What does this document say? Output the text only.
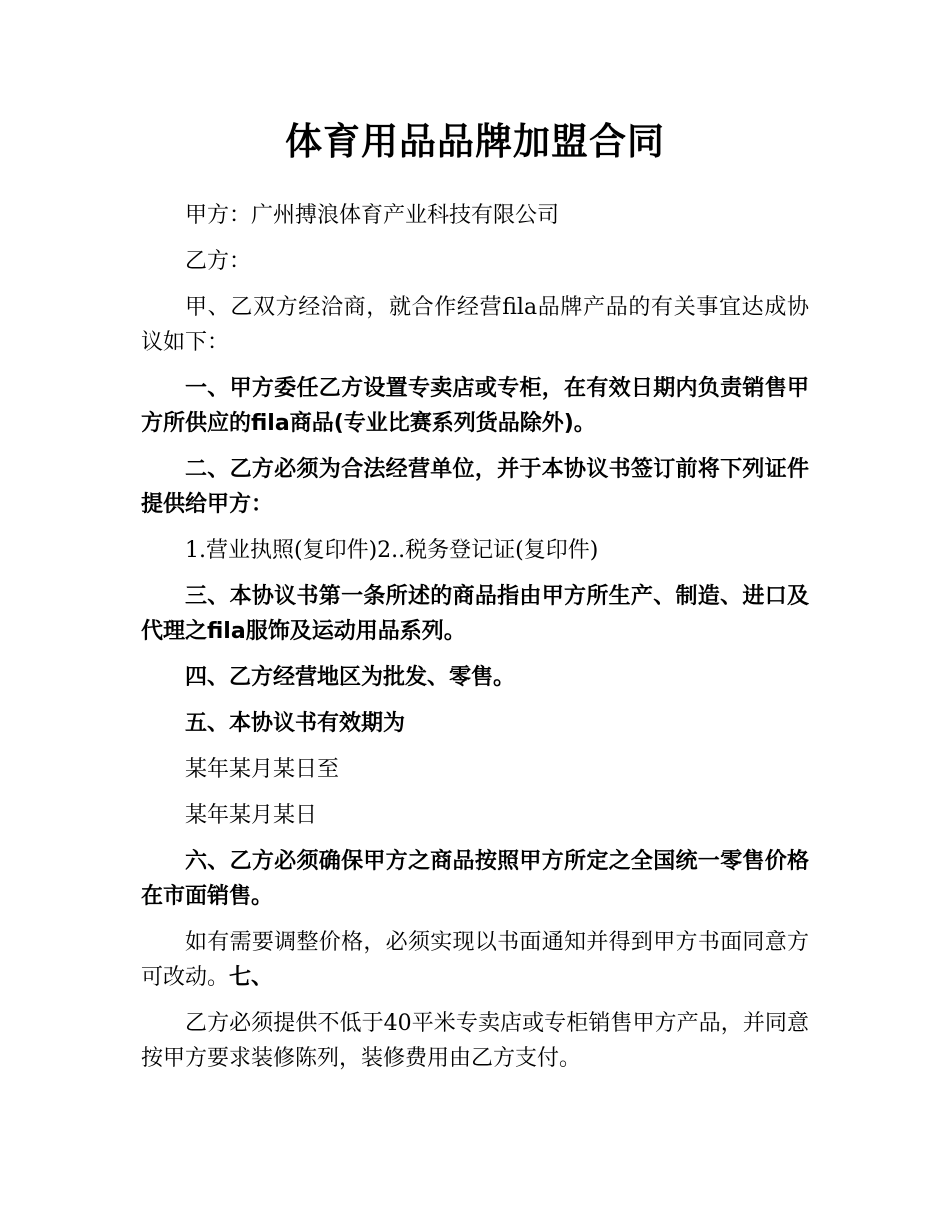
体育用品品牌加盟合同

甲方：广州搏浪体育产业科技有限公司

乙方：

甲、乙双方经洽商，就合作经营fila品牌产品的有关事宜达成协议如下：

一、甲方委任乙方设置专卖店或专柜，在有效日期内负责销售甲方所供应的fila商品(专业比赛系列货品除外)。

二、乙方必须为合法经营单位，并于本协议书签订前将下列证件提供给甲方：

1.营业执照(复印件)2..税务登记证(复印件)

三、本协议书第一条所述的商品指由甲方所生产、制造、进口及代理之fila服饰及运动用品系列。

四、乙方经营地区为批发、零售。

五、本协议书有效期为

某年某月某日至

某年某月某日

六、乙方必须确保甲方之商品按照甲方所定之全国统一零售价格在市面销售。

如有需要调整价格，必须实现以书面通知并得到甲方书面同意方可改动。七、

乙方必须提供不低于40平米专卖店或专柜销售甲方产品，并同意按甲方要求装修陈列，装修费用由乙方支付。
